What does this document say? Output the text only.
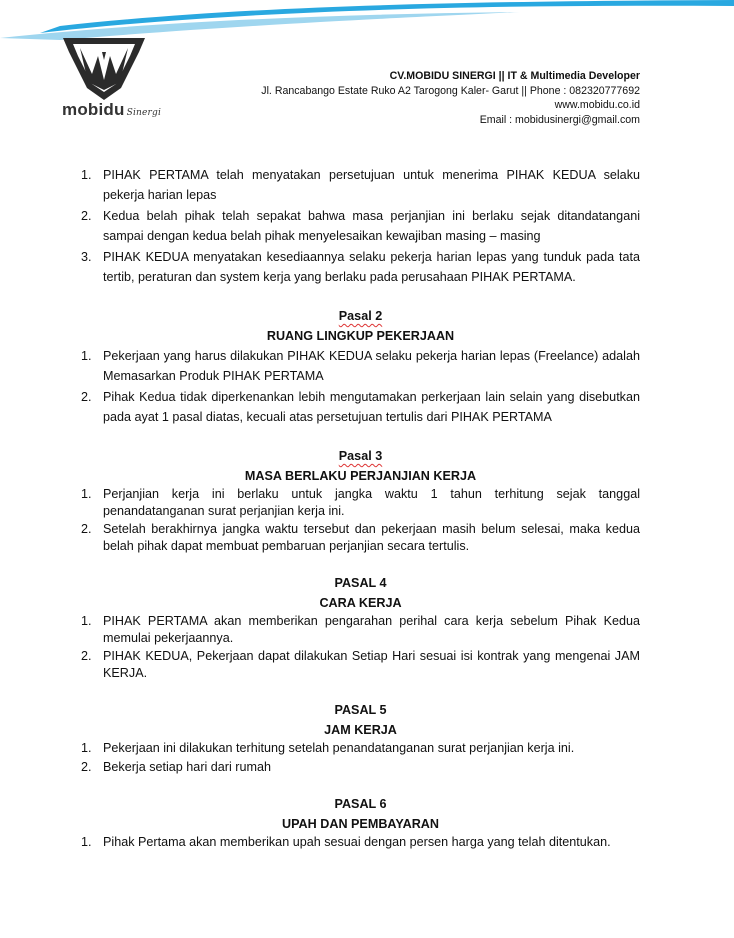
mobidu Sinergi
CV.MOBIDU SINERGI || IT & Multimedia Developer
Jl. Rancabango Estate Ruko A2 Tarogong Kaler- Garut || Phone : 082320777692
www.mobidu.co.id
Email : mobidusinergi@gmail.com
1. PIHAK PERTAMA telah menyatakan persetujuan untuk menerima PIHAK KEDUA selaku pekerja harian lepas
2. Kedua belah pihak telah sepakat bahwa masa perjanjian ini berlaku sejak ditandatangani sampai dengan kedua belah pihak menyelesaikan kewajiban masing – masing
3. PIHAK KEDUA menyatakan kesediaannya selaku pekerja harian lepas yang tunduk pada tata tertib, peraturan dan system kerja yang berlaku pada perusahaan PIHAK PERTAMA.
Pasal 2
RUANG LINGKUP PEKERJAAN
1. Pekerjaan yang harus dilakukan PIHAK KEDUA selaku pekerja harian lepas (Freelance) adalah Memasarkan Produk PIHAK PERTAMA
2. Pihak Kedua tidak diperkenankan lebih mengutamakan perkerjaan lain selain yang disebutkan pada ayat 1 pasal diatas, kecuali atas persetujuan tertulis dari PIHAK PERTAMA
Pasal 3
MASA BERLAKU PERJANJIAN KERJA
1. Perjanjian kerja ini berlaku untuk jangka waktu 1 tahun terhitung sejak tanggal penandatanganan surat perjanjian kerja ini.
2. Setelah berakhirnya jangka waktu tersebut dan pekerjaan masih belum selesai, maka kedua belah pihak dapat membuat pembaruan perjanjian secara tertulis.
PASAL 4
CARA KERJA
1. PIHAK PERTAMA akan memberikan pengarahan perihal cara kerja sebelum Pihak Kedua memulai pekerjaannya.
2. PIHAK KEDUA, Pekerjaan dapat dilakukan Setiap Hari sesuai isi kontrak yang mengenai JAM KERJA.
PASAL 5
JAM KERJA
1. Pekerjaan ini dilakukan terhitung setelah penandatanganan surat perjanjian kerja ini.
2. Bekerja setiap hari dari rumah
PASAL 6
UPAH DAN PEMBAYARAN
1. Pihak Pertama akan memberikan upah sesuai dengan persen harga yang telah ditentukan.
